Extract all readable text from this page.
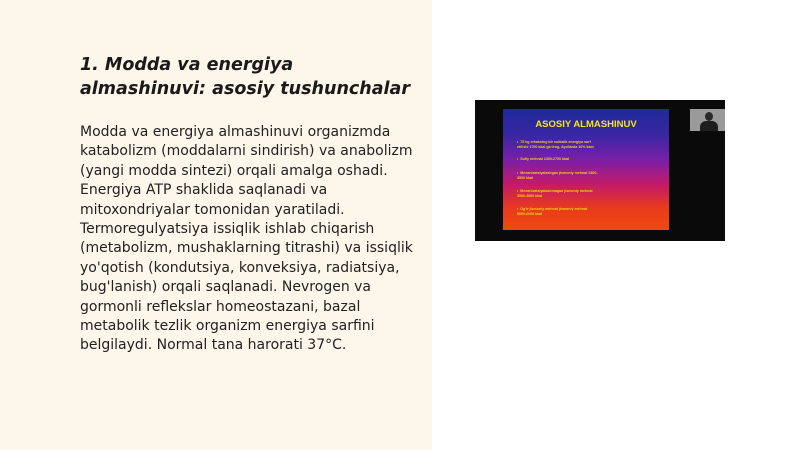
1. Modda va energiya almashinuvi: asosiy tushunchalar

Modda va energiya almashinuvi organizmda katabolizm (moddalarni sindirish) va anabolizm (yangi modda sintezi) orqali amalga oshadi. Energiya ATP shaklida saqlanadi va mitoxondriyalar tomonidan yaratiladi. Termoregulyatsiya issiqlik ishlab chiqarish (metabolizm, mushaklarning titrashi) va issiqlik yo'qotish (kondutsiya, konveksiya, radiatsiya, bug'lanish) orqali saqlanadi. Nevrogen va gormonli reflekslar homeostazani, bazal metabolik tezlik organizm energiya sarfini belgilaydi. Normal tana harorati 37°C.

ASOSIY ALMASHINUV
• 75 kg erkakning bir sutkalik energiya sarf
etilishi 1700 kkal ga teng, Ayollarda 10% kam
• Sutly mehnat 2300-2700 kkal
• Mexanizatsiyalashgan jismoniy mehnat 2300-
3500 kkal
• Mexanizatsiyalashmagan jismoniy mehnat
3500-4500 kkal
• Og'ir jismoniy mehnat jismoniy mehnat
5000-6000 kkal
